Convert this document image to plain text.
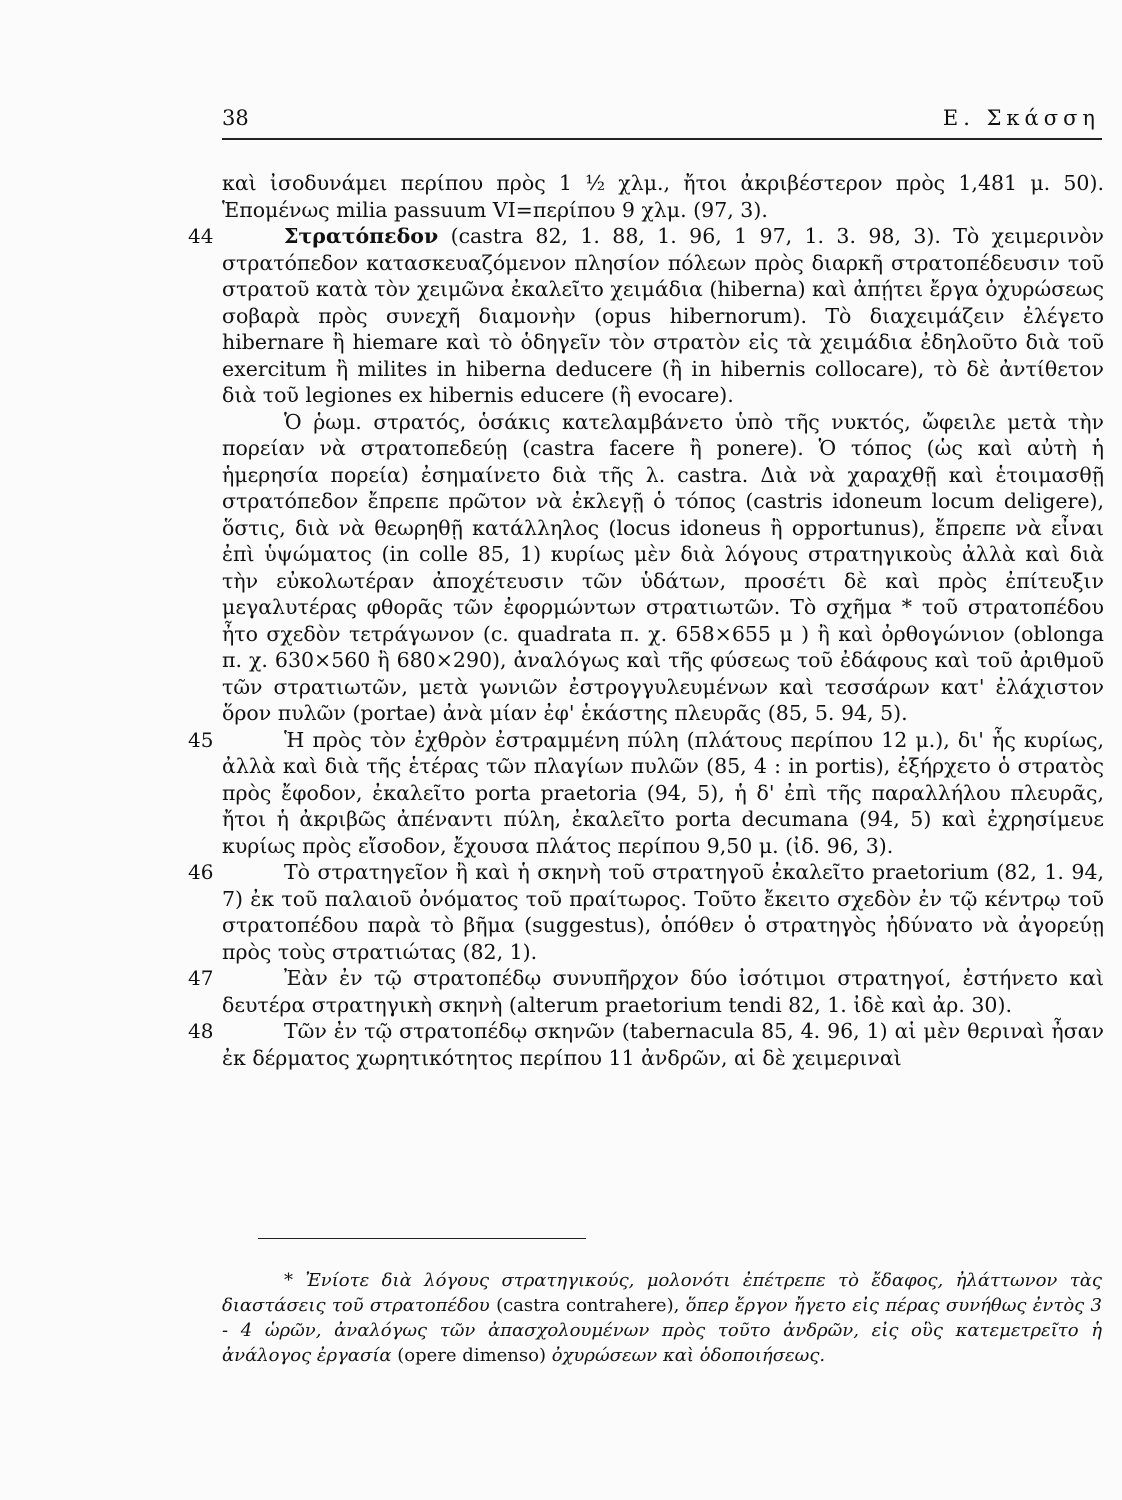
38	Ε. Σκάσση

καὶ ἰσοδυνάμει περίπου πρὸς 1 ½ χλμ., ἤτοι ἀκριβέστερον πρὸς 1,481 μ. 50). Ἑπομένως milia passuum VI=περίπου 9 χλμ. (97, 3).

44	Στρατόπεδον (castra 82, 1. 88, 1. 96, 1 97, 1. 3. 98, 3). Τὸ χειμερινὸν στρατόπεδον κατασκευαζόμενον πλησίον πόλεων πρὸς διαρκῆ στρατοπέδευσιν τοῦ στρατοῦ κατὰ τὸν χειμῶνα ἐκαλεῖτο χειμάδια (hiberna) καὶ ἀπῄτει ἔργα ὀχυρώσεως σοβαρὰ πρὸς συνεχῆ διαμονὴν (opus hibernorum). Τὸ διαχειμάζειν ἐλέγετο hibernare ἢ hiemare καὶ τὸ ὁδηγεῖν τὸν στρατὸν εἰς τὰ χειμάδια ἐδηλοῦτο διὰ τοῦ exercitum ἢ milites in hiberna deducere (ἢ in hibernis collocare), τὸ δὲ ἀντίθετον διὰ τοῦ legiones ex hibernis educere (ἢ evocare).

Ὁ ῥωμ. στρατός, ὁσάκις κατελαμβάνετο ὑπὸ τῆς νυκτός, ὤφειλε μετὰ τὴν πορείαν νὰ στρατοπεδεύῃ (castra facere ἢ ponere). Ὁ τόπος (ὡς καὶ αὐτὴ ἡ ἡμερησία πορεία) ἐσημαίνετο διὰ τῆς λ. castra. Διὰ νὰ χαραχθῇ καὶ ἑτοιμασθῇ στρατόπεδον ἔπρεπε πρῶτον νὰ ἐκλεγῇ ὁ τόπος (castris idoneum locum deligere), ὅστις, διὰ νὰ θεωρηθῇ κατάλληλος (locus idoneus ἢ opportunus), ἔπρεπε νὰ εἶναι ἐπὶ ὑψώματος (in colle 85, 1) κυρίως μὲν διὰ λόγους στρατηγικοὺς ἀλλὰ καὶ διὰ τὴν εὐκολωτέραν ἀποχέτευσιν τῶν ὑδάτων, προσέτι δὲ καὶ πρὸς ἐπίτευξιν μεγαλυτέρας φθορᾶς τῶν ἐφορμώντων στρατιωτῶν. Τὸ σχῆμα * τοῦ στρατοπέδου ἦτο σχεδὸν τετράγωνον (c. quadrata π. χ. 658×655 μ ) ἢ καὶ ὀρθογώνιον (oblonga π. χ. 630×560 ἢ 680×290), ἀναλόγως καὶ τῆς φύσεως τοῦ ἐδάφους καὶ τοῦ ἀριθμοῦ τῶν στρατιωτῶν, μετὰ γωνιῶν ἐστρογγυλευμένων καὶ τεσσάρων κατ' ἐλάχιστον ὅρον πυλῶν (portae) ἀνὰ μίαν ἐφ' ἑκάστης πλευρᾶς (85, 5. 94, 5).

45	Ἡ πρὸς τὸν ἐχθρὸν ἐστραμμένη πύλη (πλάτους περίπου 12 μ.), δι' ἧς κυρίως, ἀλλὰ καὶ διὰ τῆς ἑτέρας τῶν πλαγίων πυλῶν (85, 4 : in portis), ἐξήρχετο ὁ στρατὸς πρὸς ἔφοδον, ἐκαλεῖτο porta praetoria (94, 5), ἡ δ' ἐπὶ τῆς παραλλήλου πλευρᾶς, ἤτοι ἡ ἀκριβῶς ἀπέναντι πύλη, ἐκαλεῖτο porta decumana (94, 5) καὶ ἐχρησίμευε κυρίως πρὸς εἴσοδον, ἔχουσα πλάτος περίπου 9,50 μ. (ἰδ. 96, 3).

46	Τὸ στρατηγεῖον ἢ καὶ ἡ σκηνὴ τοῦ στρατηγοῦ ἐκαλεῖτο praetorium (82, 1. 94, 7) ἐκ τοῦ παλαιοῦ ὀνόματος τοῦ πραίτωρος. Τοῦτο ἔκειτο σχεδὸν ἐν τῷ κέντρῳ τοῦ στρατοπέδου παρὰ τὸ βῆμα (suggestus), ὁπόθεν ὁ στρατηγὸς ἠδύνατο νὰ ἀγορεύῃ πρὸς τοὺς στρατιώτας (82, 1).

47	Ἐὰν ἐν τῷ στρατοπέδῳ συνυπῆρχον δύο ἰσότιμοι στρατηγοί, ἐστήνετο καὶ δευτέρα στρατηγικὴ σκηνὴ (alterum praetorium tendi 82, 1. ἰδὲ καὶ ἀρ. 30).

48	Τῶν ἐν τῷ στρατοπέδῳ σκηνῶν (tabernacula 85, 4. 96, 1) αἱ μὲν θεριναὶ ἦσαν ἐκ δέρματος χωρητικότητος περίπου 11 ἀνδρῶν, αἱ δὲ χειμεριναὶ

* Ἐνίοτε διὰ λόγους στρατηγικούς, μολονότι ἐπέτρεπε τὸ ἔδαφος, ἠλάττωνον τὰς διαστάσεις τοῦ στρατοπέδου (castra contrahere), ὅπερ ἔργον ἤγετο εἰς πέρας συνήθως ἐντὸς 3 - 4 ὡρῶν, ἀναλόγως τῶν ἀπασχολουμένων πρὸς τοῦτο ἀνδρῶν, εἰς οὓς κατεμετρεῖτο ἡ ἀνάλογος ἐργασία (opere dimenso) ὀχυρώσεων καὶ ὁδοποιήσεως.
